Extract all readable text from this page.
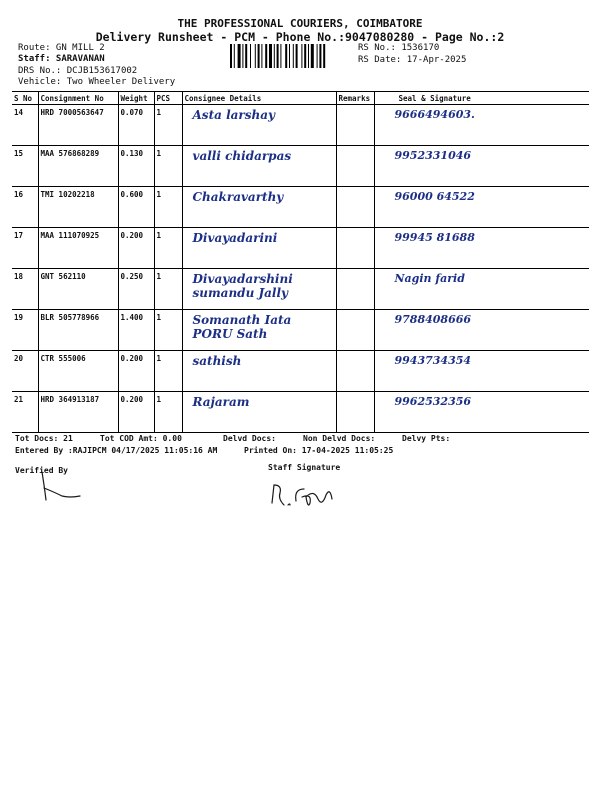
THE PROFESSIONAL COURIERS, COIMBATORE
Delivery Runsheet - PCM - Phone No.:9047080280 - Page No.:2
Route: GN MILL 2
Staff: SARAVANAN
DRS No.: DCJB153617002
Vehicle: Two Wheeler Delivery
RS No.: 1536170
RS Date: 17-Apr-2025
S No	Consignment No	Weight	PCS	Consignee Details	Remarks	Seal & Signature
14	HRD 7000563647	0.070	1	Asta larshay		9666494603.
15	MAA 576868289	0.130	1	valli chidarpas		9952331046
16	TMI 10202218	0.600	1	Chakravarthy		96000 64522
17	MAA 111070925	0.200	1	Divayadarini		99945 81688
18	GNT 562110	0.250	1	Divayadarshini sumandu Jally		Nagin farid
19	BLR 505778966	1.400	1	Somanath Iata PORU Sath		9788408666
20	CTR 555006	0.200	1	sathish		9943734354
21	HRD 364913187	0.200	1	Rajaram		9962532356
Tot Docs: 21	Tot COD Amt: 0.00	Delvd Docs:	Non Delvd Docs:	Delvy Pts:
Entered By :RAJIPCM 04/17/2025 11:05:16 AM	Printed On: 17-04-2025 11:05:25
Verified By	Staff Signature
